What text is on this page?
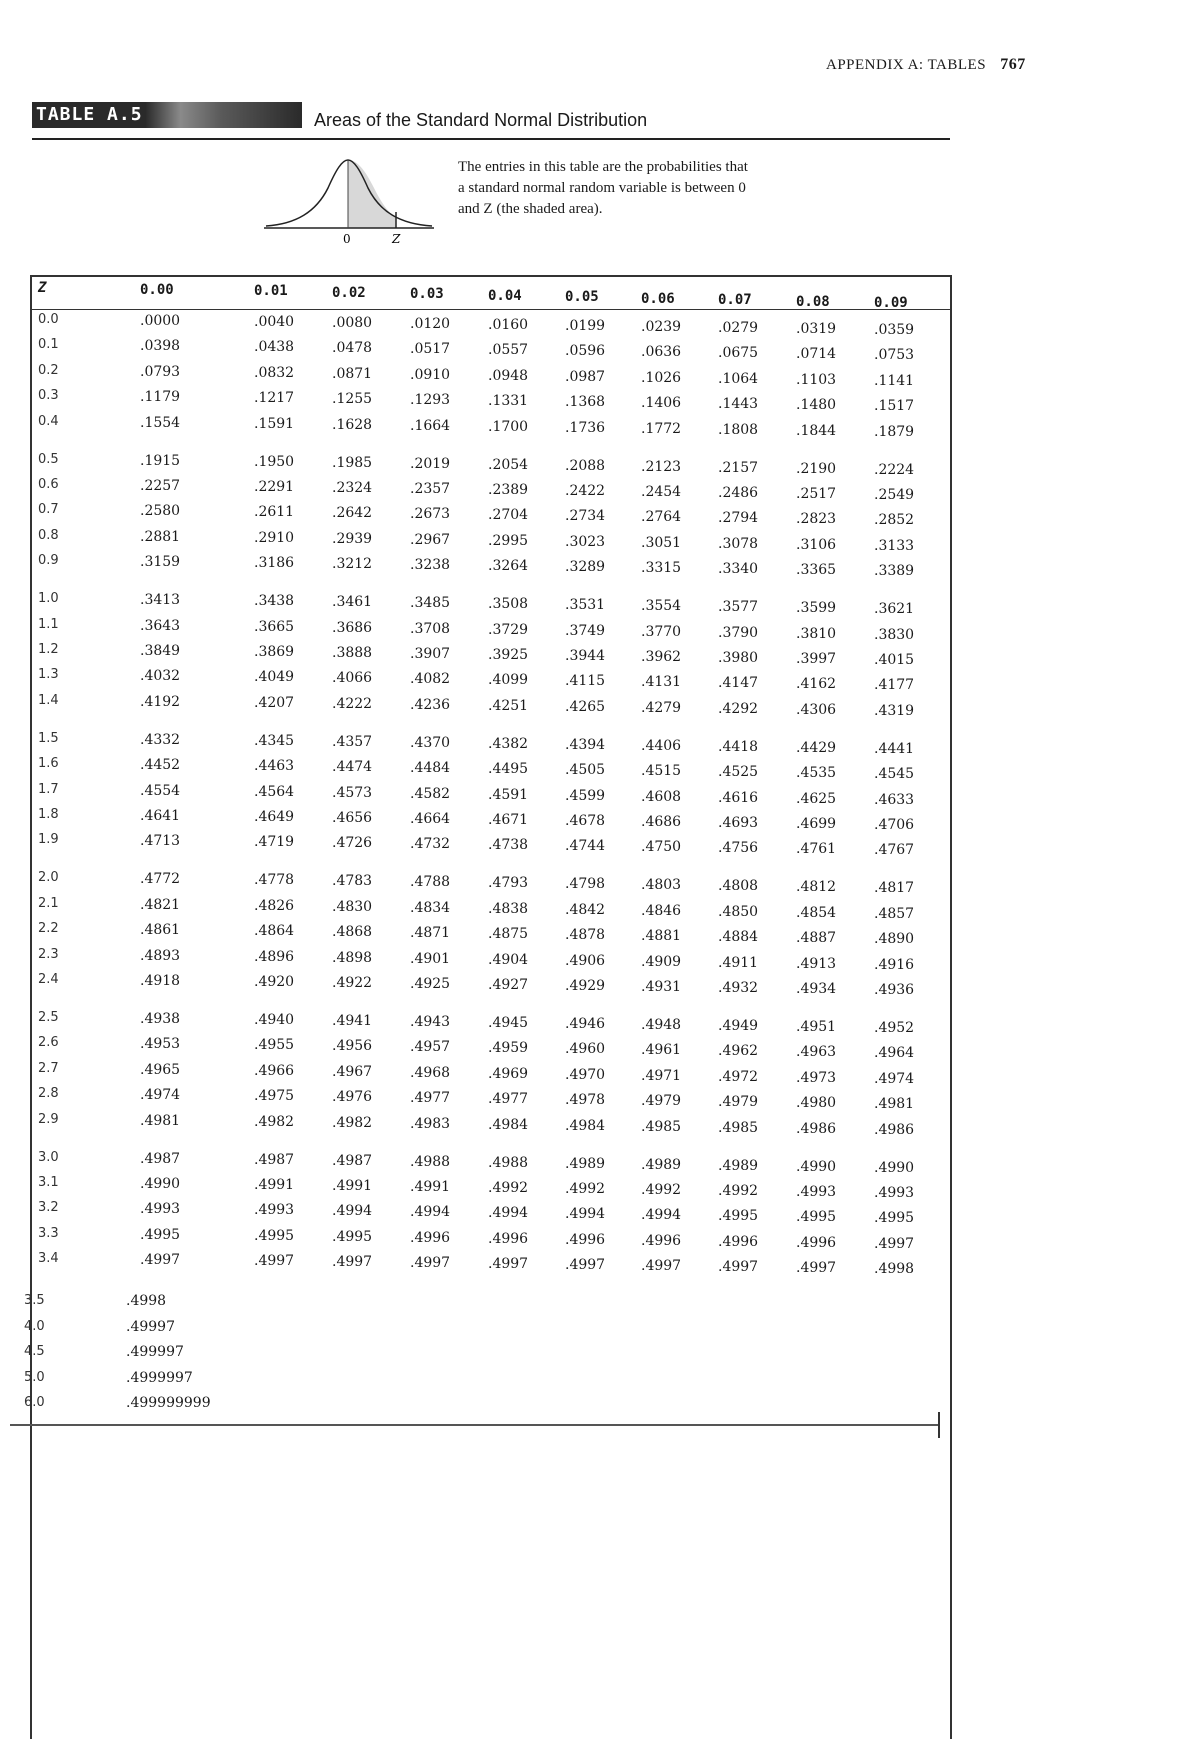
APPENDIX A: TABLES 767
TABLE A.5	Areas of the Standard Normal Distribution
0	Z
The entries in this table are the probabilities that a standard normal random variable is between 0 and Z (the shaded area).
Z	0.00	0.01	0.02	0.03	0.04	0.05	0.06	0.07	0.08	0.09
0.0	.0000	.0040	.0080	.0120	.0160	.0199	.0239	.0279	.0319	.0359
0.1	.0398	.0438	.0478	.0517	.0557	.0596	.0636	.0675	.0714	.0753
0.2	.0793	.0832	.0871	.0910	.0948	.0987	.1026	.1064	.1103	.1141
0.3	.1179	.1217	.1255	.1293	.1331	.1368	.1406	.1443	.1480	.1517
0.4	.1554	.1591	.1628	.1664	.1700	.1736	.1772	.1808	.1844	.1879
0.5	.1915	.1950	.1985	.2019	.2054	.2088	.2123	.2157	.2190	.2224
0.6	.2257	.2291	.2324	.2357	.2389	.2422	.2454	.2486	.2517	.2549
0.7	.2580	.2611	.2642	.2673	.2704	.2734	.2764	.2794	.2823	.2852
0.8	.2881	.2910	.2939	.2967	.2995	.3023	.3051	.3078	.3106	.3133
0.9	.3159	.3186	.3212	.3238	.3264	.3289	.3315	.3340	.3365	.3389
1.0	.3413	.3438	.3461	.3485	.3508	.3531	.3554	.3577	.3599	.3621
1.1	.3643	.3665	.3686	.3708	.3729	.3749	.3770	.3790	.3810	.3830
1.2	.3849	.3869	.3888	.3907	.3925	.3944	.3962	.3980	.3997	.4015
1.3	.4032	.4049	.4066	.4082	.4099	.4115	.4131	.4147	.4162	.4177
1.4	.4192	.4207	.4222	.4236	.4251	.4265	.4279	.4292	.4306	.4319
1.5	.4332	.4345	.4357	.4370	.4382	.4394	.4406	.4418	.4429	.4441
1.6	.4452	.4463	.4474	.4484	.4495	.4505	.4515	.4525	.4535	.4545
1.7	.4554	.4564	.4573	.4582	.4591	.4599	.4608	.4616	.4625	.4633
1.8	.4641	.4649	.4656	.4664	.4671	.4678	.4686	.4693	.4699	.4706
1.9	.4713	.4719	.4726	.4732	.4738	.4744	.4750	.4756	.4761	.4767
2.0	.4772	.4778	.4783	.4788	.4793	.4798	.4803	.4808	.4812	.4817
2.1	.4821	.4826	.4830	.4834	.4838	.4842	.4846	.4850	.4854	.4857
2.2	.4861	.4864	.4868	.4871	.4875	.4878	.4881	.4884	.4887	.4890
2.3	.4893	.4896	.4898	.4901	.4904	.4906	.4909	.4911	.4913	.4916
2.4	.4918	.4920	.4922	.4925	.4927	.4929	.4931	.4932	.4934	.4936
2.5	.4938	.4940	.4941	.4943	.4945	.4946	.4948	.4949	.4951	.4952
2.6	.4953	.4955	.4956	.4957	.4959	.4960	.4961	.4962	.4963	.4964
2.7	.4965	.4966	.4967	.4968	.4969	.4970	.4971	.4972	.4973	.4974
2.8	.4974	.4975	.4976	.4977	.4977	.4978	.4979	.4979	.4980	.4981
2.9	.4981	.4982	.4982	.4983	.4984	.4984	.4985	.4985	.4986	.4986
3.0	.4987	.4987	.4987	.4988	.4988	.4989	.4989	.4989	.4990	.4990
3.1	.4990	.4991	.4991	.4991	.4992	.4992	.4992	.4992	.4993	.4993
3.2	.4993	.4993	.4994	.4994	.4994	.4994	.4994	.4995	.4995	.4995
3.3	.4995	.4995	.4995	.4996	.4996	.4996	.4996	.4996	.4996	.4997
3.4	.4997	.4997	.4997	.4997	.4997	.4997	.4997	.4997	.4997	.4998
3.5	.4998
4.0	.49997
4.5	.499997
5.0	.4999997
6.0	.499999999
